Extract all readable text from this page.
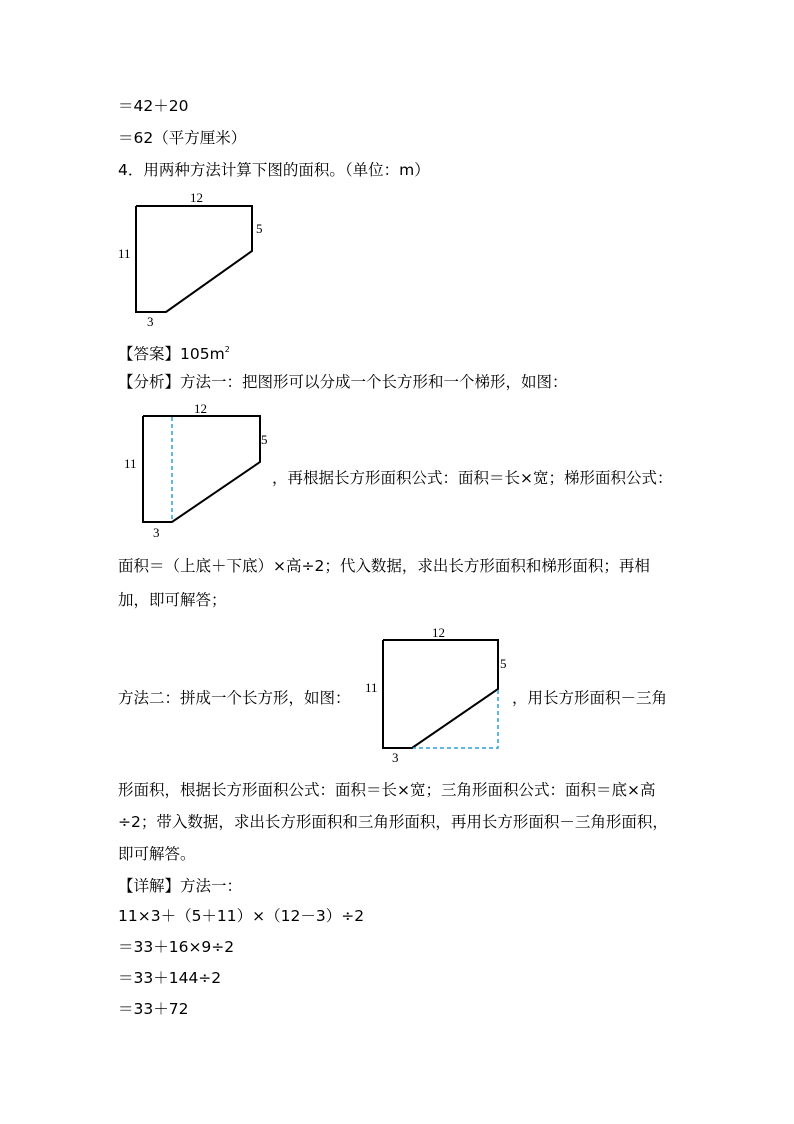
＝42＋20
＝62（平方厘米）
4．用两种方法计算下图的面积。（单位：m）
12
5
11
3
【答案】$105m^2$
【分析】方法一：把图形可以分成一个长方形和一个梯形，如图：
12
5
11
3
，再根据长方形面积公式：面积＝长×宽；梯形面积公式：
面积＝（上底＋下底）×高÷2；代入数据，求出长方形面积和梯形面积；再相
加，即可解答；
方法二：拼成一个长方形，如图：
12
5
11
3
，用长方形面积－三角
形面积，根据长方形面积公式：面积＝长×宽；三角形面积公式：面积＝底×高
÷2；带入数据，求出长方形面积和三角形面积，再用长方形面积－三角形面积，
即可解答。
【详解】方法一：
11×3＋（5＋11）×（12－3）÷2
＝33＋16×9÷2
＝33＋144÷2
＝33＋72
